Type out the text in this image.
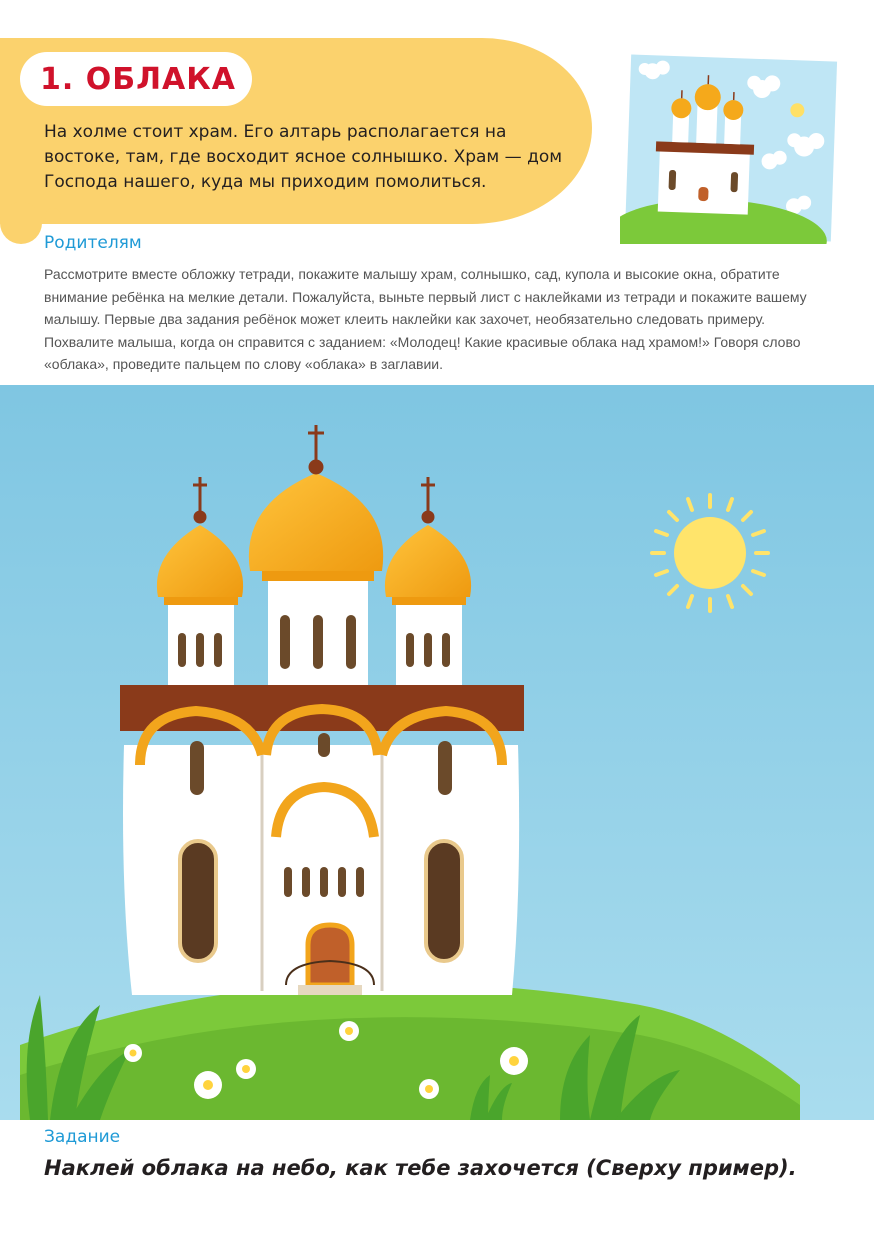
1. ОБЛАКА
На холме стоит храм. Его алтарь располагается на востоке, там, где восходит ясное солнышко. Храм — дом Господа нашего, куда мы приходим помолиться.
Родителям
Рассмотрите вместе обложку тетради, покажите малышу храм, солнышко, сад, купола и высокие окна, обратите внимание ребёнка на мелкие детали. Пожалуйста, выньте первый лист с наклейками из тетради и покажите вашему малышу. Первые два задания ребёнок может клеить наклейки как захочет, необязательно следовать примеру. Похвалите малыша, когда он справится с заданием: «Молодец! Какие красивые облака над храмом!» Говоря слово «облака», проведите пальцем по слову «облака» в заглавии.
Задание
Наклей облака на небо, как тебе захочется (Сверху пример).
